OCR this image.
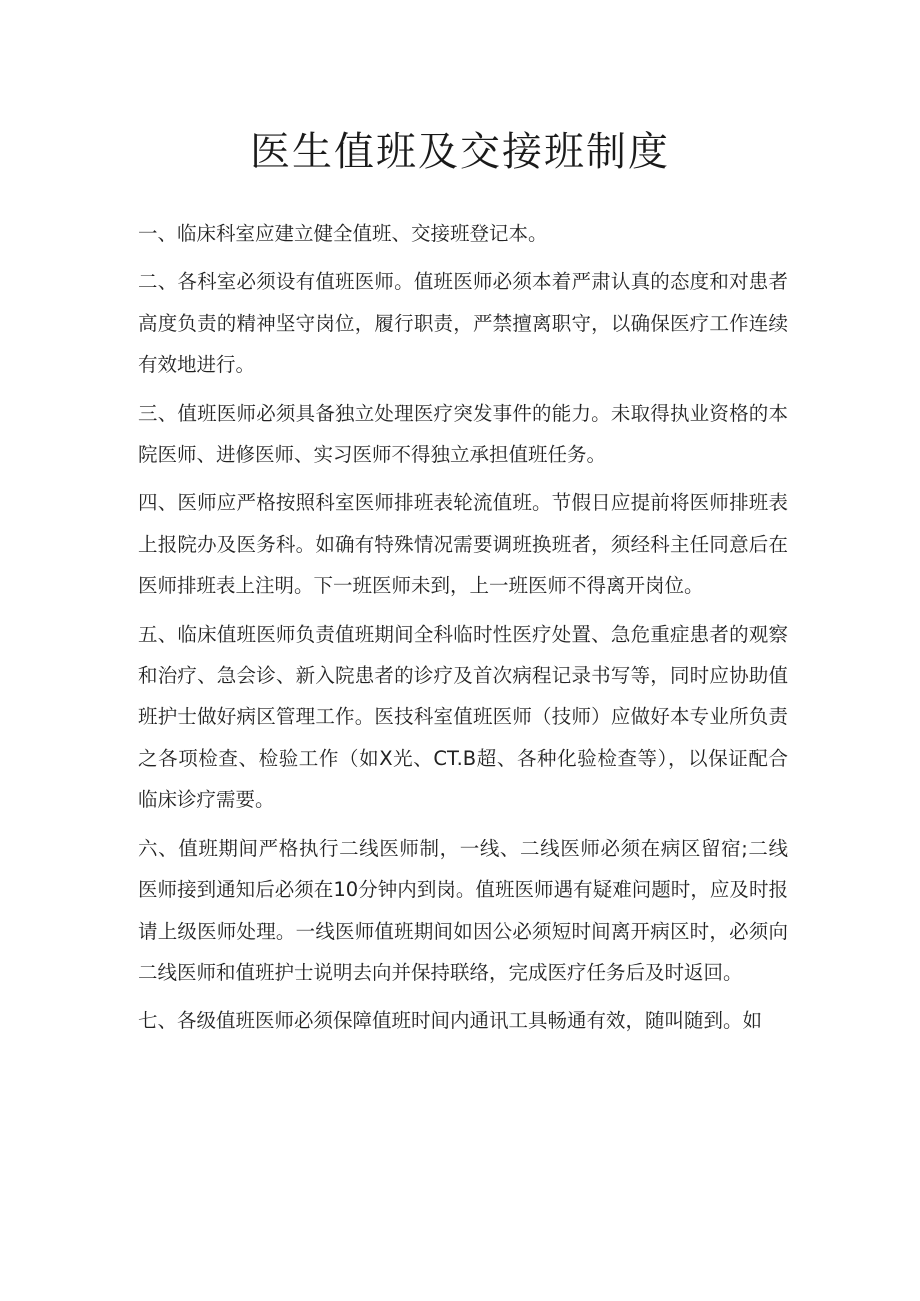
医生值班及交接班制度

一、临床科室应建立健全值班、交接班登记本。

二、各科室必须设有值班医师。值班医师必须本着严肃认真的态度和对患者高度负责的精神坚守岗位，履行职责，严禁擅离职守，以确保医疗工作连续有效地进行。

三、值班医师必须具备独立处理医疗突发事件的能力。未取得执业资格的本院医师、进修医师、实习医师不得独立承担值班任务。

四、医师应严格按照科室医师排班表轮流值班。节假日应提前将医师排班表上报院办及医务科。如确有特殊情况需要调班换班者，须经科主任同意后在医师排班表上注明。下一班医师未到，上一班医师不得离开岗位。

五、临床值班医师负责值班期间全科临时性医疗处置、急危重症患者的观察和治疗、急会诊、新入院患者的诊疗及首次病程记录书写等，同时应协助值班护士做好病区管理工作。医技科室值班医师（技师）应做好本专业所负责之各项检查、检验工作（如X光、CT.B超、各种化验检查等），以保证配合临床诊疗需要。

六、值班期间严格执行二线医师制，一线、二线医师必须在病区留宿;二线医师接到通知后必须在10分钟内到岗。值班医师遇有疑难问题时，应及时报请上级医师处理。一线医师值班期间如因公必须短时间离开病区时，必须向二线医师和值班护士说明去向并保持联络，完成医疗任务后及时返回。

七、各级值班医师必须保障值班时间内通讯工具畅通有效，随叫随到。如
